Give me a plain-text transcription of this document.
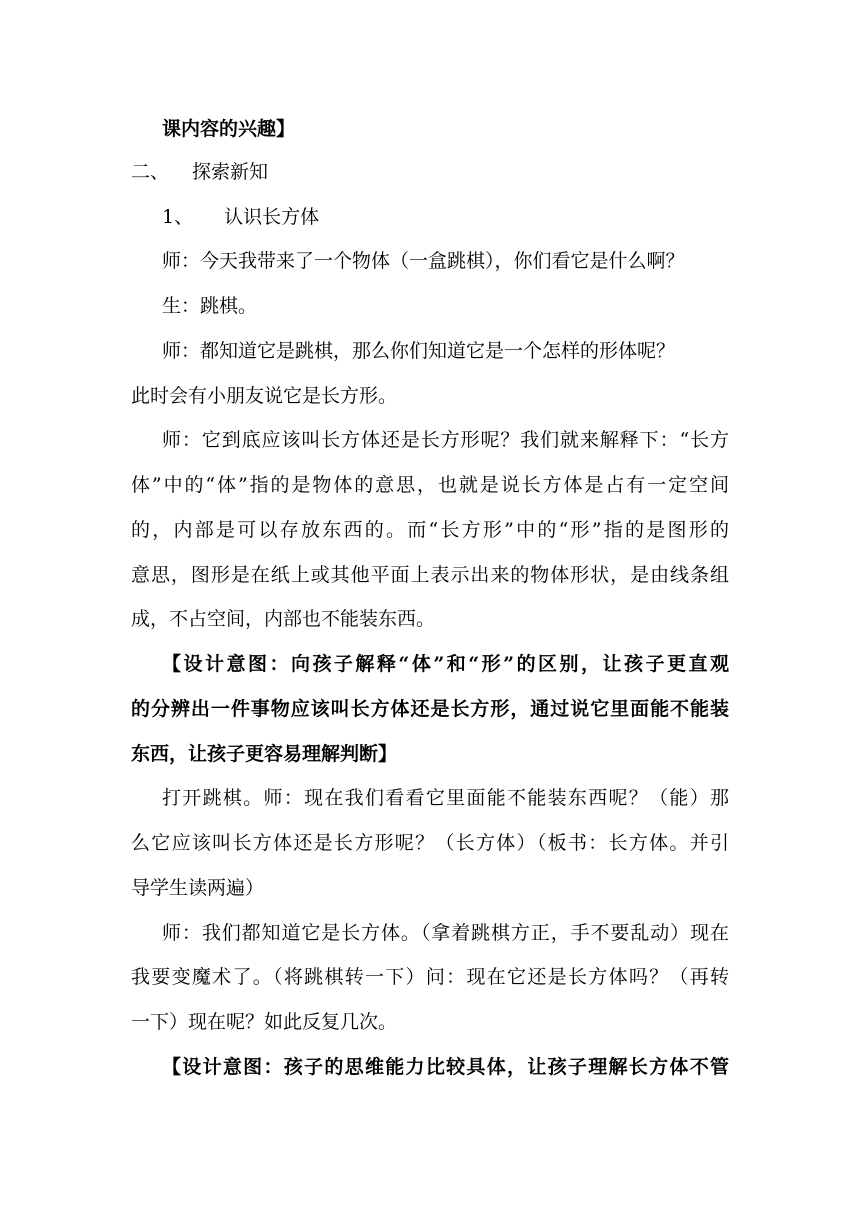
课内容的兴趣】
二、 探索新知
1、 认识长方体
师：今天我带来了一个物体（一盒跳棋），你们看它是什么啊？
生：跳棋。
师：都知道它是跳棋，那么你们知道它是一个怎样的形体呢？
此时会有小朋友说它是长方形。
师：它到底应该叫长方体还是长方形呢？我们就来解释下：“长方
体”中的“体”指的是物体的意思，也就是说长方体是占有一定空间
的，内部是可以存放东西的。而“长方形”中的“形”指的是图形的
意思，图形是在纸上或其他平面上表示出来的物体形状，是由线条组
成，不占空间，内部也不能装东西。
【设计意图：向孩子解释“体”和“形”的区别，让孩子更直观
的分辨出一件事物应该叫长方体还是长方形，通过说它里面能不能装
东西，让孩子更容易理解判断】
打开跳棋。师：现在我们看看它里面能不能装东西呢？（能）那
么它应该叫长方体还是长方形呢？（长方体）（板书：长方体。并引
导学生读两遍）
师：我们都知道它是长方体。（拿着跳棋方正，手不要乱动）现在
我要变魔术了。（将跳棋转一下）问：现在它还是长方体吗？（再转
一下）现在呢？如此反复几次。
【设计意图：孩子的思维能力比较具体，让孩子理解长方体不管
